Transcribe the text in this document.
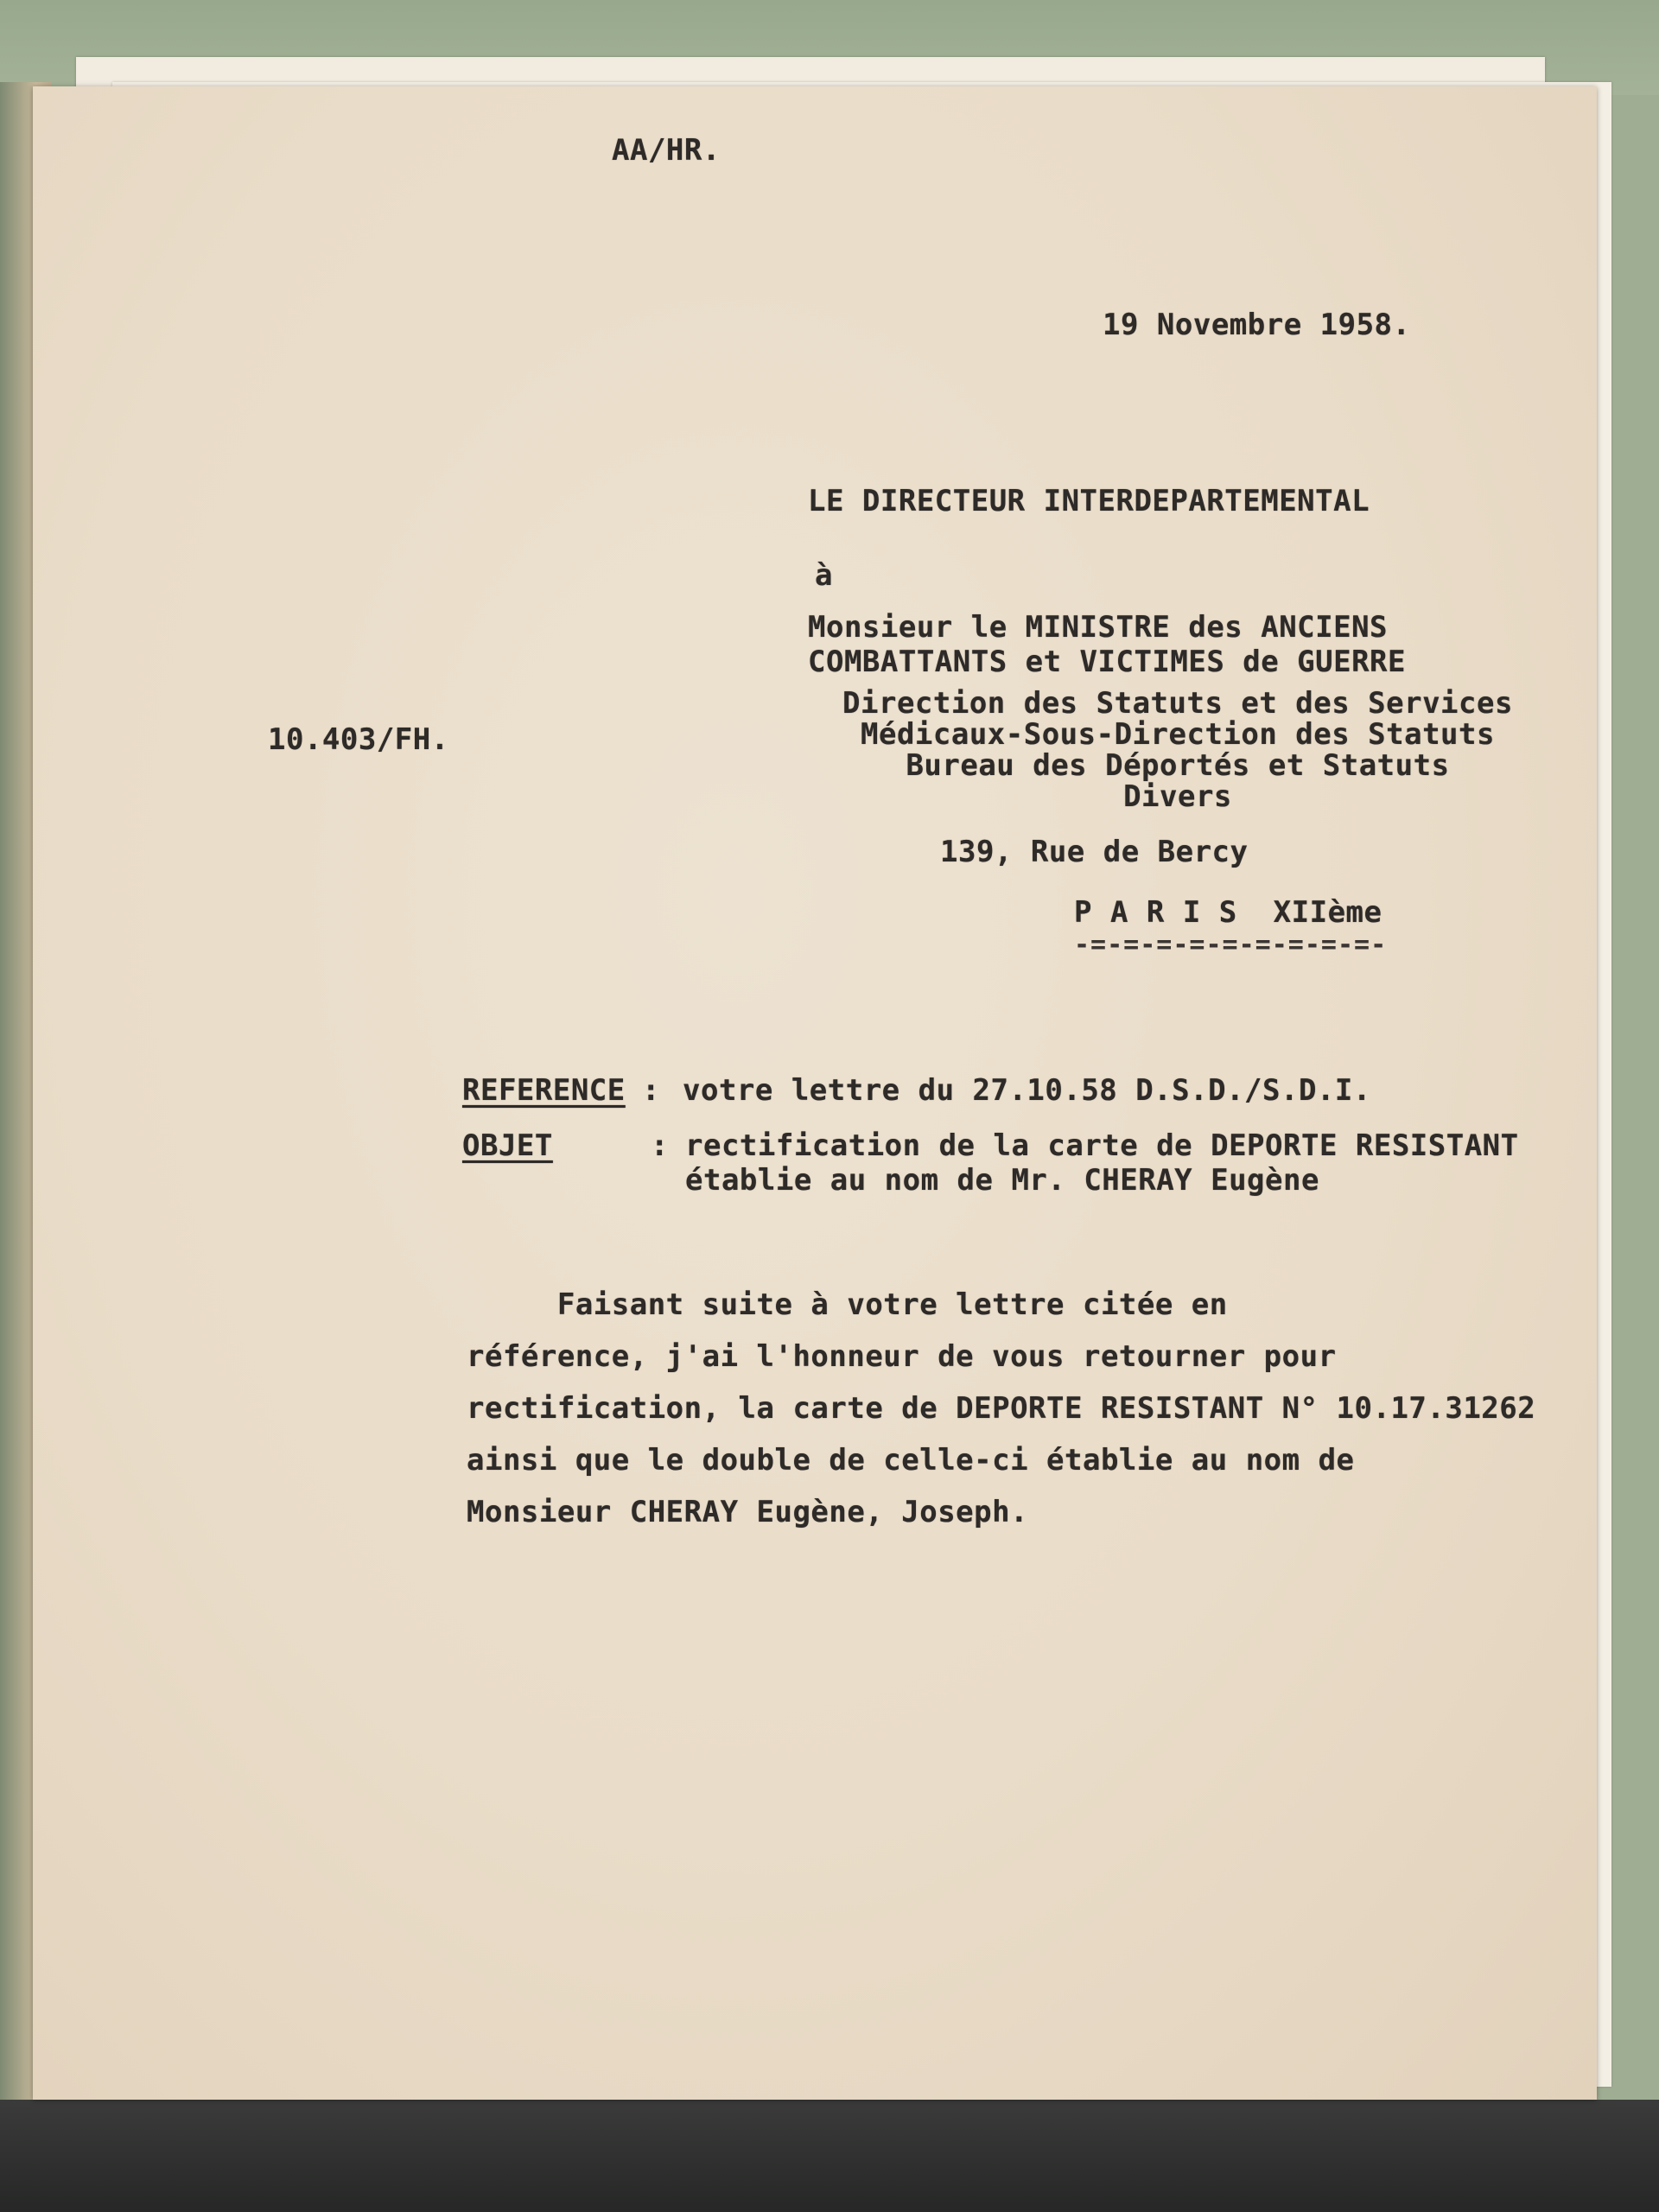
AA/HR.

19 Novembre 1958.

LE DIRECTEUR INTERDEPARTEMENTAL

à

Monsieur le MINISTRE des ANCIENS

COMBATTANTS et VICTIMES de GUERRE

10.403/FH.

Direction des Statuts et des Services

Médicaux-Sous-Direction des Statuts

Bureau des Déportés et Statuts

Divers

139, Rue de Bercy

P A R I S  XIIème

-=-=-=-=-=-=-=-=-=-
REFERENCE : votre lettre du 27.10.58 D.S.D./S.D.I.
OBJET	: rectification de la carte de DEPORTE RESISTANT
établie au nom de Mr. CHERAY Eugène

Faisant suite à votre lettre citée en

référence, j'ai l'honneur de vous retourner pour

rectification, la carte de DEPORTE RESISTANT N° 10.17.31262

ainsi que le double de celle-ci établie au nom de

Monsieur CHERAY Eugène, Joseph.
